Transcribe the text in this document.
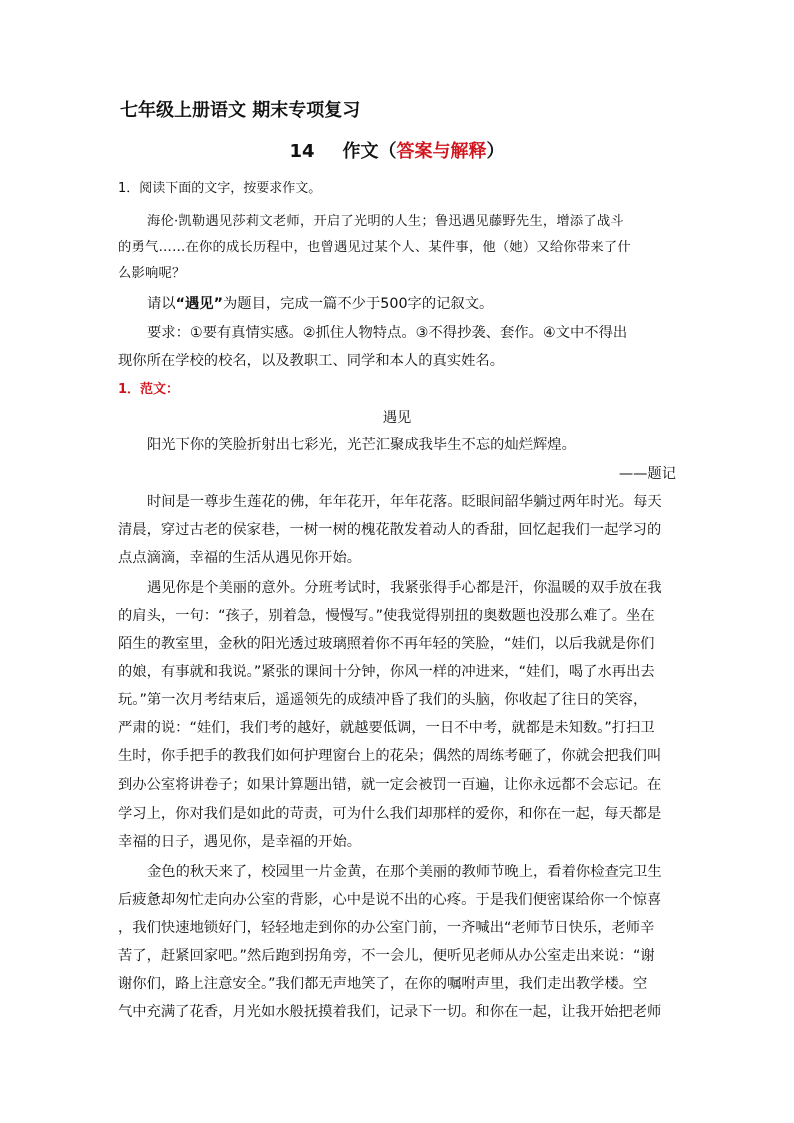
七年级上册语文 期末专项复习
14 作文（答案与解释）
1．阅读下面的文字，按要求作文。
海伦·凯勒遇见莎莉文老师，开启了光明的人生；鲁迅遇见藤野先生，增添了战斗
的勇气……在你的成长历程中，也曾遇见过某个人、某件事，他（她）又给你带来了什
么影响呢？
请以“遇见”为题目，完成一篇不少于500字的记叙文。
要求：①要有真情实感。②抓住人物特点。③不得抄袭、套作。④文中不得出
现你所在学校的校名，以及教职工、同学和本人的真实姓名。
1．范文：
遇见
阳光下你的笑脸折射出七彩光，光芒汇聚成我毕生不忘的灿烂辉煌。
——题记
时间是一尊步生莲花的佛，年年花开，年年花落。眨眼间韶华躺过两年时光。每天
清晨，穿过古老的侯家巷，一树一树的槐花散发着动人的香甜，回忆起我们一起学习的
点点滴滴，幸福的生活从遇见你开始。
遇见你是个美丽的意外。分班考试时，我紧张得手心都是汗，你温暖的双手放在我
的肩头，一句：“孩子，别着急，慢慢写。”使我觉得别扭的奥数题也没那么难了。坐在
陌生的教室里，金秋的阳光透过玻璃照着你不再年轻的笑脸，“娃们，以后我就是你们
的娘，有事就和我说。”紧张的课间十分钟，你风一样的冲进来，“娃们，喝了水再出去
玩。”第一次月考结束后，遥遥领先的成绩冲昏了我们的头脑，你收起了往日的笑容，
严肃的说：“娃们，我们考的越好，就越要低调，一日不中考，就都是未知数。”打扫卫
生时，你手把手的教我们如何护理窗台上的花朵；偶然的周练考砸了，你就会把我们叫
到办公室将讲卷子；如果计算题出错，就一定会被罚一百遍，让你永远都不会忘记。在
学习上，你对我们是如此的苛责，可为什么我们却那样的爱你，和你在一起，每天都是
幸福的日子，遇见你，是幸福的开始。
金色的秋天来了，校园里一片金黄，在那个美丽的教师节晚上，看着你检查完卫生
后疲惫却匆忙走向办公室的背影，心中是说不出的心疼。于是我们便密谋给你一个惊喜
，我们快速地锁好门，轻轻地走到你的办公室门前，一齐喊出“老师节日快乐，老师辛
苦了，赶紧回家吧。”然后跑到拐角旁，不一会儿，便听见老师从办公室走出来说：“谢
谢你们，路上注意安全。”我们都无声地笑了，在你的嘱咐声里，我们走出教学楼。空
气中充满了花香，月光如水般抚摸着我们，记录下一切。和你在一起，让我开始把老师
